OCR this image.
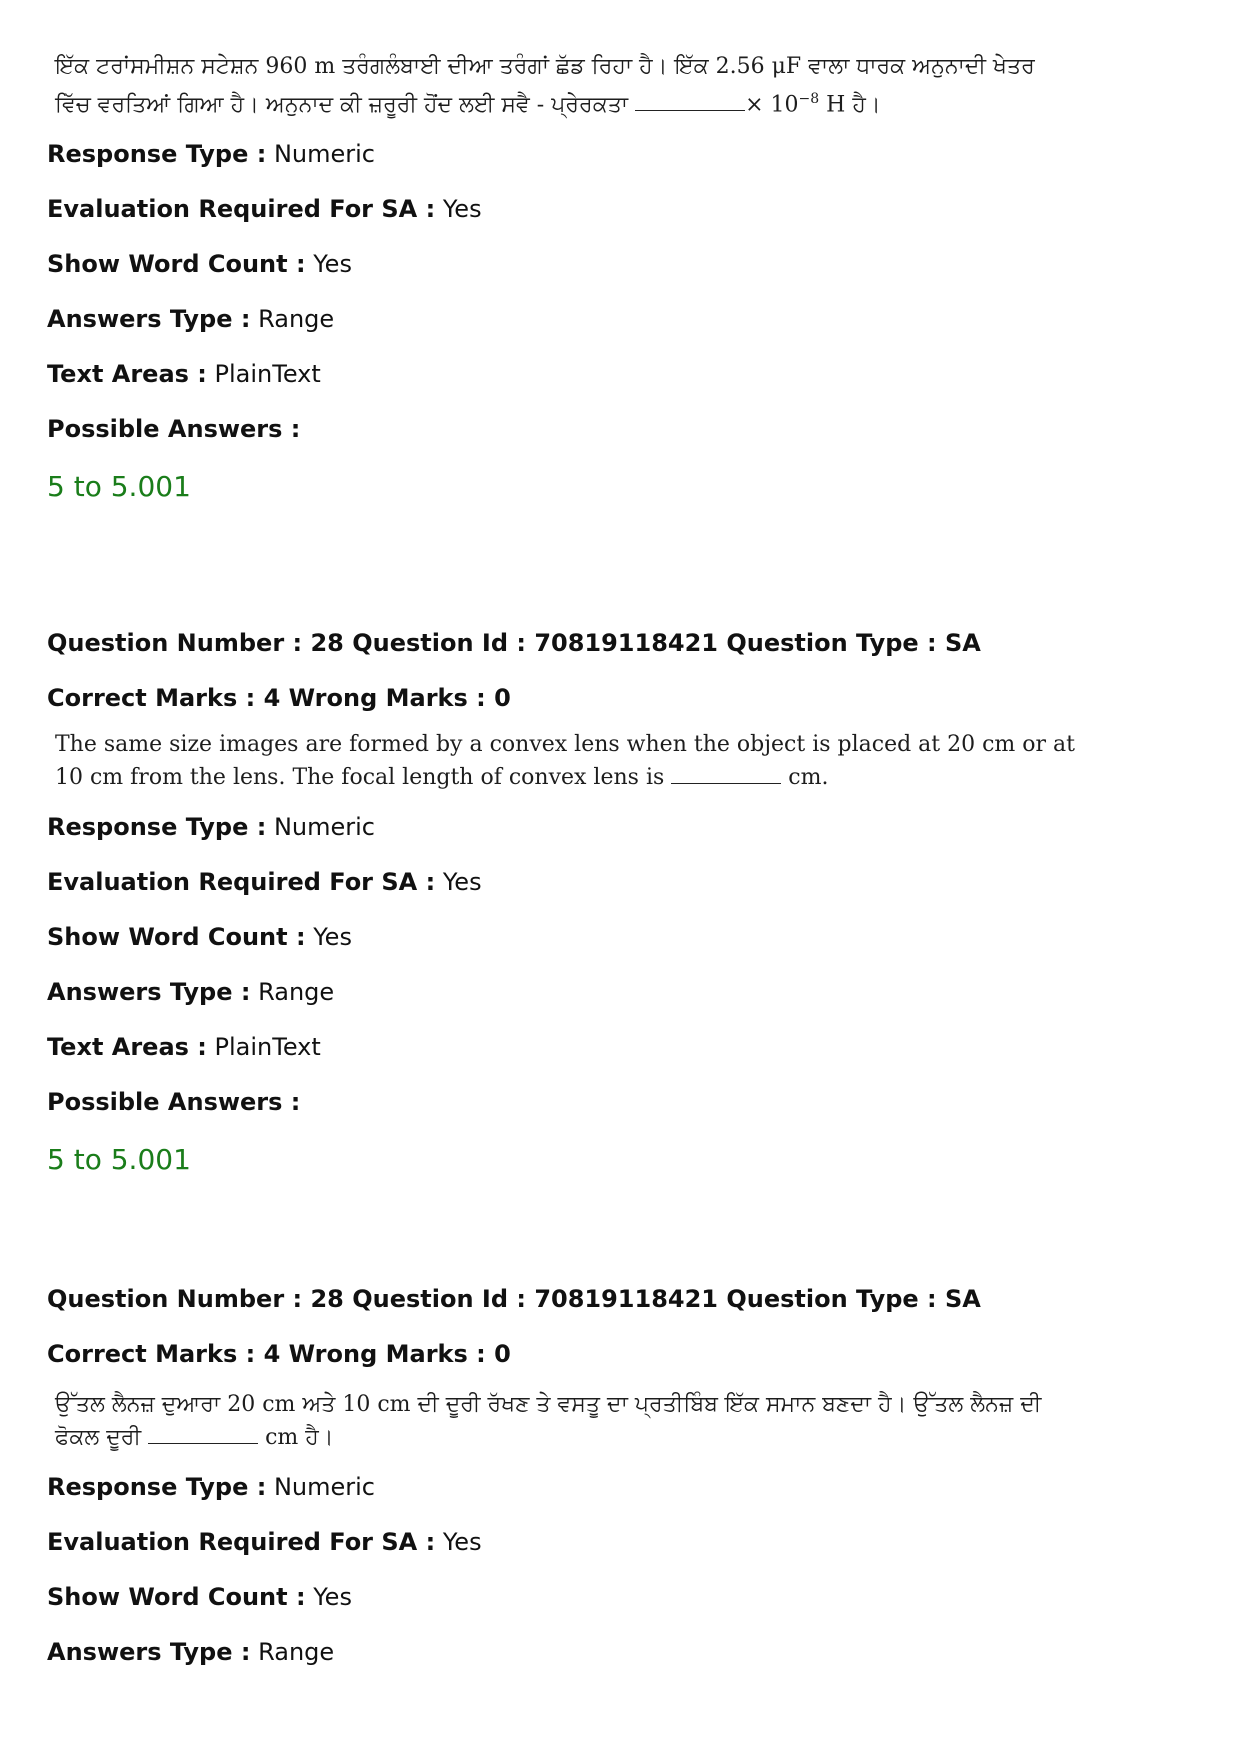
ਇੱਕ ਟਰਾਂਸਮੀਸ਼ਨ ਸਟੇਸ਼ਨ 960 m ਤਰੰਗਲੰਬਾਈ ਦੀਆ ਤਰੰਗਾਂ ਛੱਡ ਰਿਹਾ ਹੈ। ਇੱਕ 2.56 μF ਵਾਲਾ ਧਾਰਕ ਅਨੁਨਾਦੀ ਖੇਤਰ
ਵਿੱਚ ਵਰਤਿਆਂ ਗਿਆ ਹੈ। ਅਨੁਨਾਦ ਕੀ ਜ਼ਰੂਰੀ ਹੋਂਦ ਲਈ ਸਵੈ - ਪ੍ਰੇਰਕਤਾ	× $10^{-8}$ H ਹੈ।
Response Type : Numeric
Evaluation Required For SA : Yes
Show Word Count : Yes
Answers Type : Range
Text Areas : PlainText
Possible Answers :
5 to 5.001
Question Number : 28 Question Id : 70819118421 Question Type : SA
Correct Marks : 4 Wrong Marks : 0
The same size images are formed by a convex lens when the object is placed at 20 cm or at
10 cm from the lens. The focal length of convex lens is	cm.
Response Type : Numeric
Evaluation Required For SA : Yes
Show Word Count : Yes
Answers Type : Range
Text Areas : PlainText
Possible Answers :
5 to 5.001
Question Number : 28 Question Id : 70819118421 Question Type : SA
Correct Marks : 4 Wrong Marks : 0
ਉੱਤਲ ਲੈਨਜ਼ ਦੁਆਰਾ 20 cm ਅਤੇ 10 cm ਦੀ ਦੂਰੀ ਰੱਖਣ ਤੇ ਵਸਤੂ ਦਾ ਪ੍ਰਤੀਬਿੰਬ ਇੱਕ ਸਮਾਨ ਬਣਦਾ ਹੈ। ਉੱਤਲ ਲੈਨਜ਼ ਦੀ
ਫੋਕਲ ਦੂਰੀ	cm ਹੈ।
Response Type : Numeric
Evaluation Required For SA : Yes
Show Word Count : Yes
Answers Type : Range
